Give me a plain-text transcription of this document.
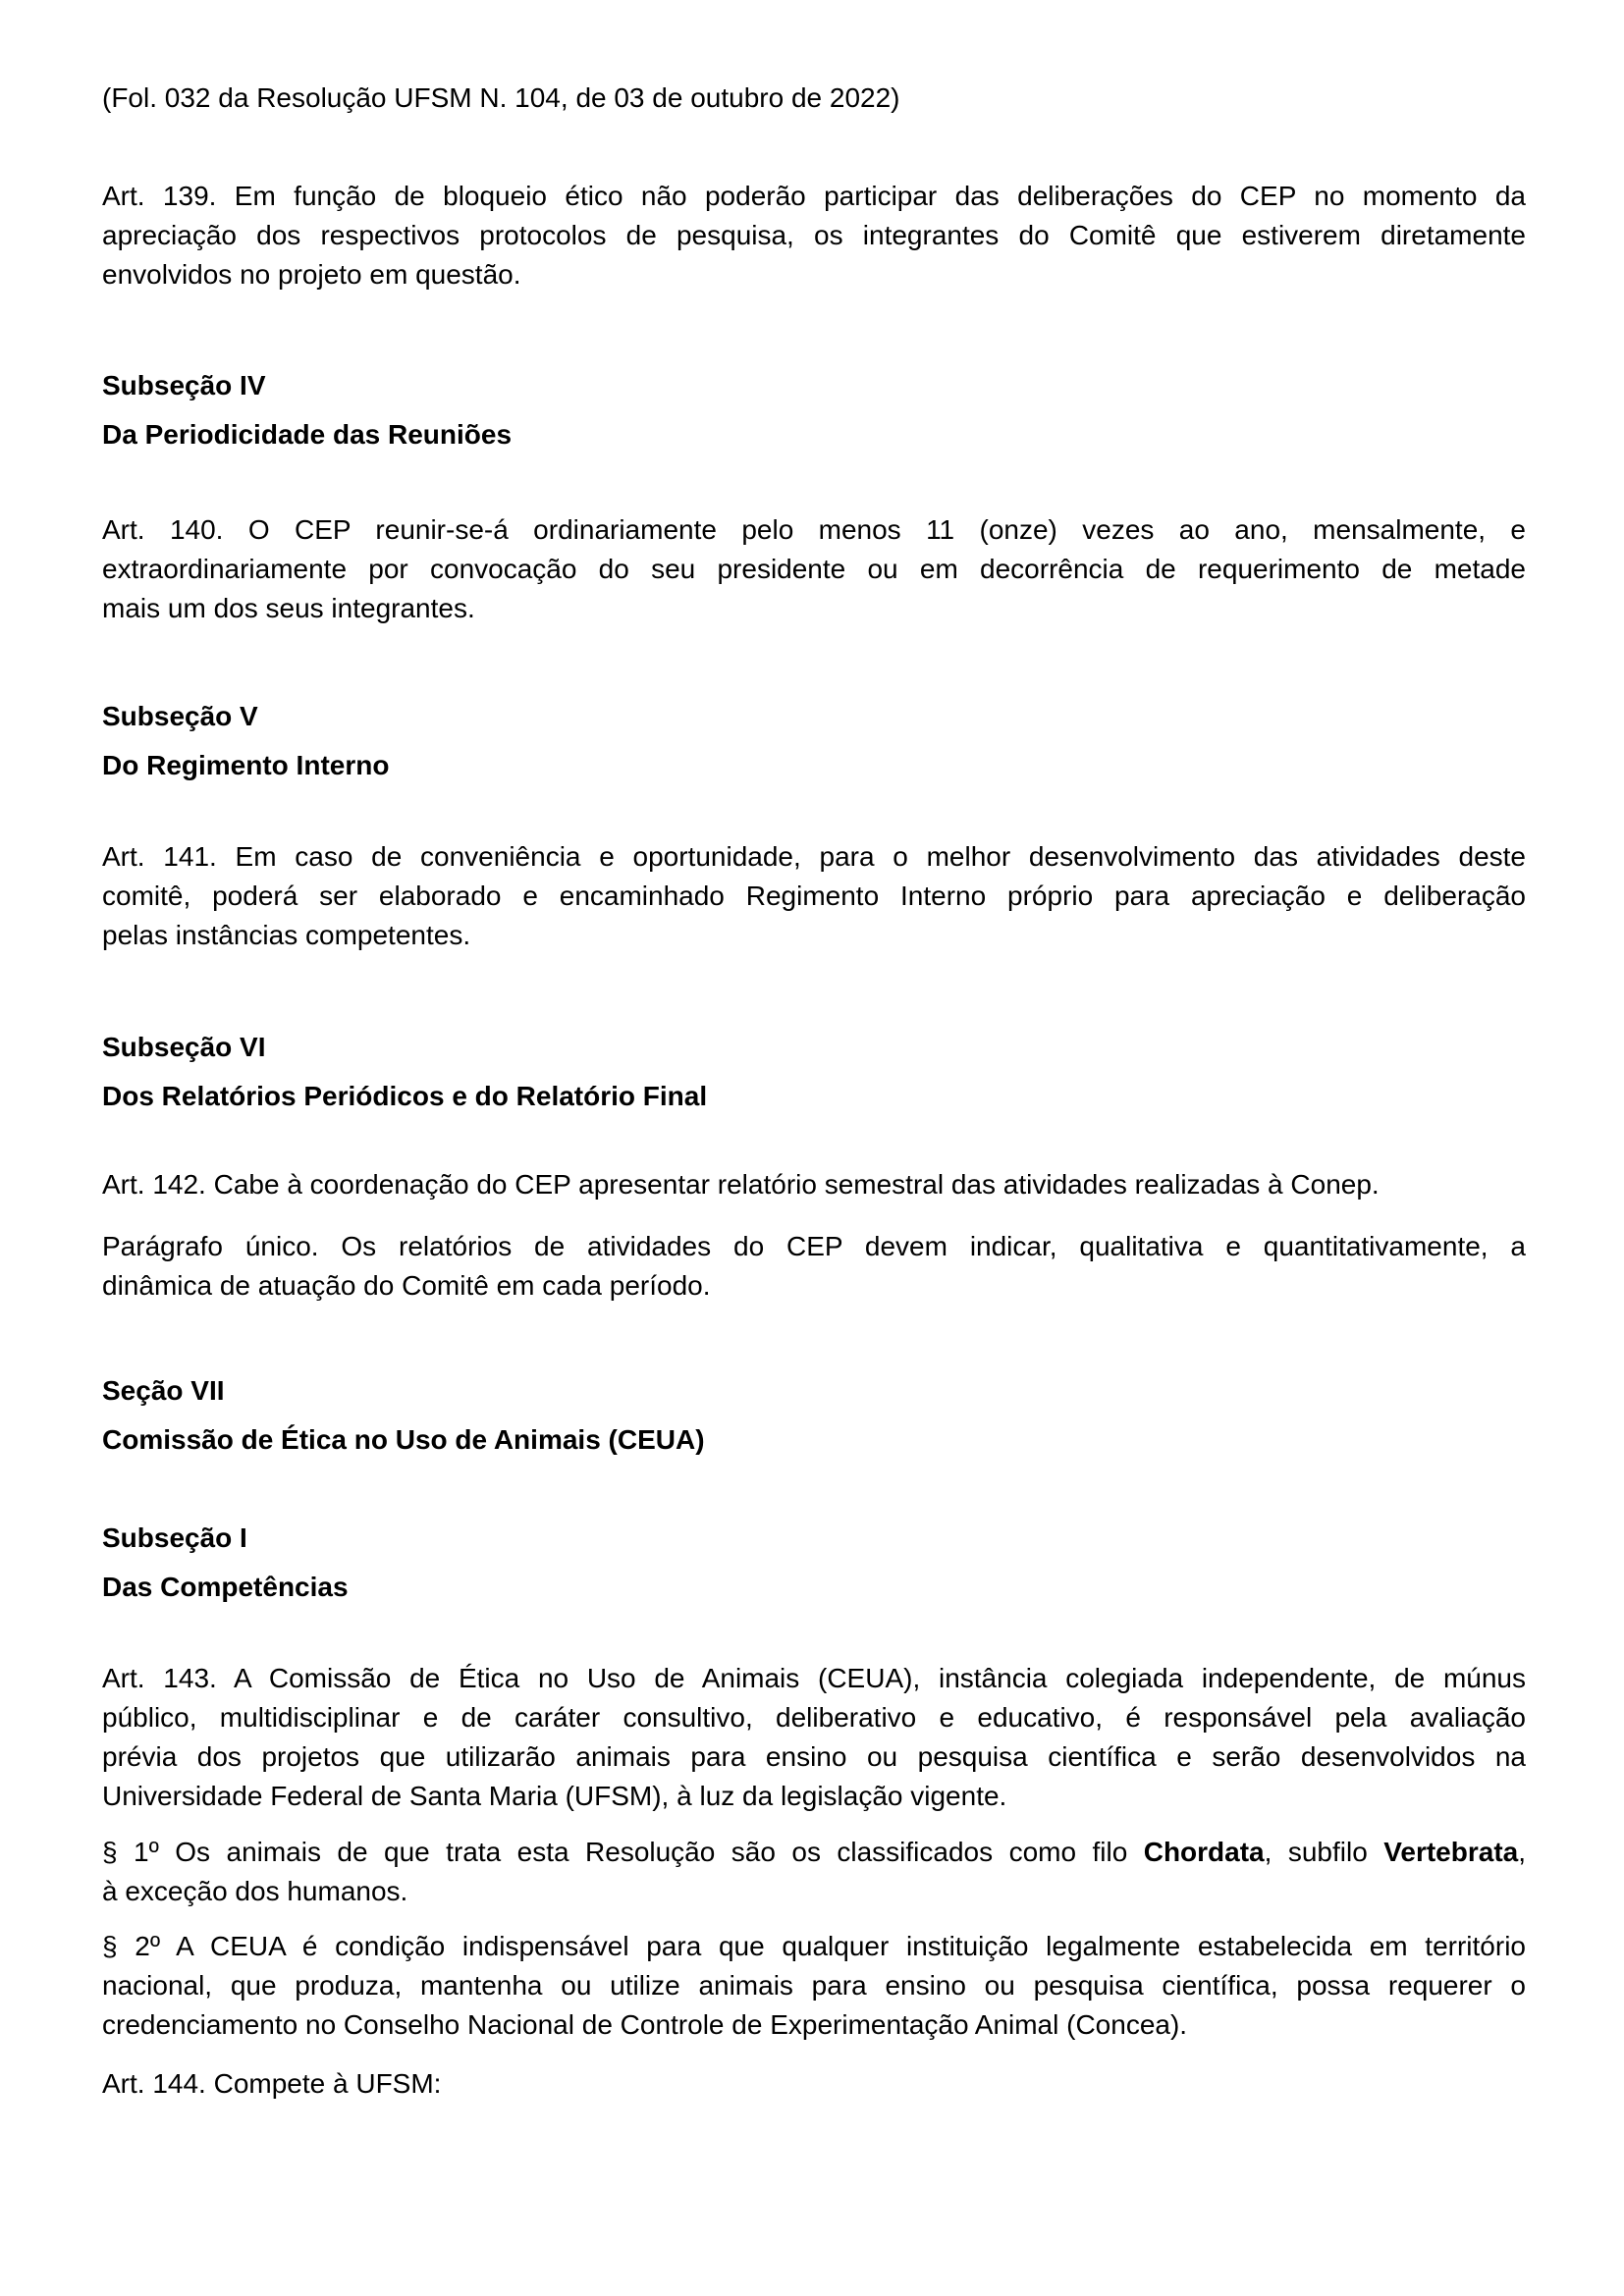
(Fol. 032 da Resolução UFSM N. 104, de 03 de outubro de 2022)
Art. 139. Em função de bloqueio ético não poderão participar das deliberações do CEP no momento da
apreciação dos respectivos protocolos de pesquisa, os integrantes do Comitê que estiverem diretamente
envolvidos no projeto em questão.
Subseção IV
Da Periodicidade das Reuniões
Art. 140. O CEP reunir-se-á ordinariamente pelo menos 11 (onze) vezes ao ano, mensalmente, e
extraordinariamente por convocação do seu presidente ou em decorrência de requerimento de metade
mais um dos seus integrantes.
Subseção V
Do Regimento Interno
Art. 141. Em caso de conveniência e oportunidade, para o melhor desenvolvimento das atividades deste
comitê, poderá ser elaborado e encaminhado Regimento Interno próprio para apreciação e deliberação
pelas instâncias competentes.
Subseção VI
Dos Relatórios Periódicos e do Relatório Final
Art. 142. Cabe à coordenação do CEP apresentar relatório semestral das atividades realizadas à Conep.
Parágrafo único. Os relatórios de atividades do CEP devem indicar, qualitativa e quantitativamente, a
dinâmica de atuação do Comitê em cada período.
Seção VII
Comissão de Ética no Uso de Animais (CEUA)
Subseção I
Das Competências
Art. 143. A Comissão de Ética no Uso de Animais (CEUA), instância colegiada independente, de múnus
público, multidisciplinar e de caráter consultivo, deliberativo e educativo, é responsável pela avaliação
prévia dos projetos que utilizarão animais para ensino ou pesquisa científica e serão desenvolvidos na
Universidade Federal de Santa Maria (UFSM), à luz da legislação vigente.
§ 1º Os animais de que trata esta Resolução são os classificados como filo Chordata, subfilo Vertebrata,
à exceção dos humanos.
§ 2º A CEUA é condição indispensável para que qualquer instituição legalmente estabelecida em território
nacional, que produza, mantenha ou utilize animais para ensino ou pesquisa científica, possa requerer o
credenciamento no Conselho Nacional de Controle de Experimentação Animal (Concea).
Art. 144. Compete à UFSM:
